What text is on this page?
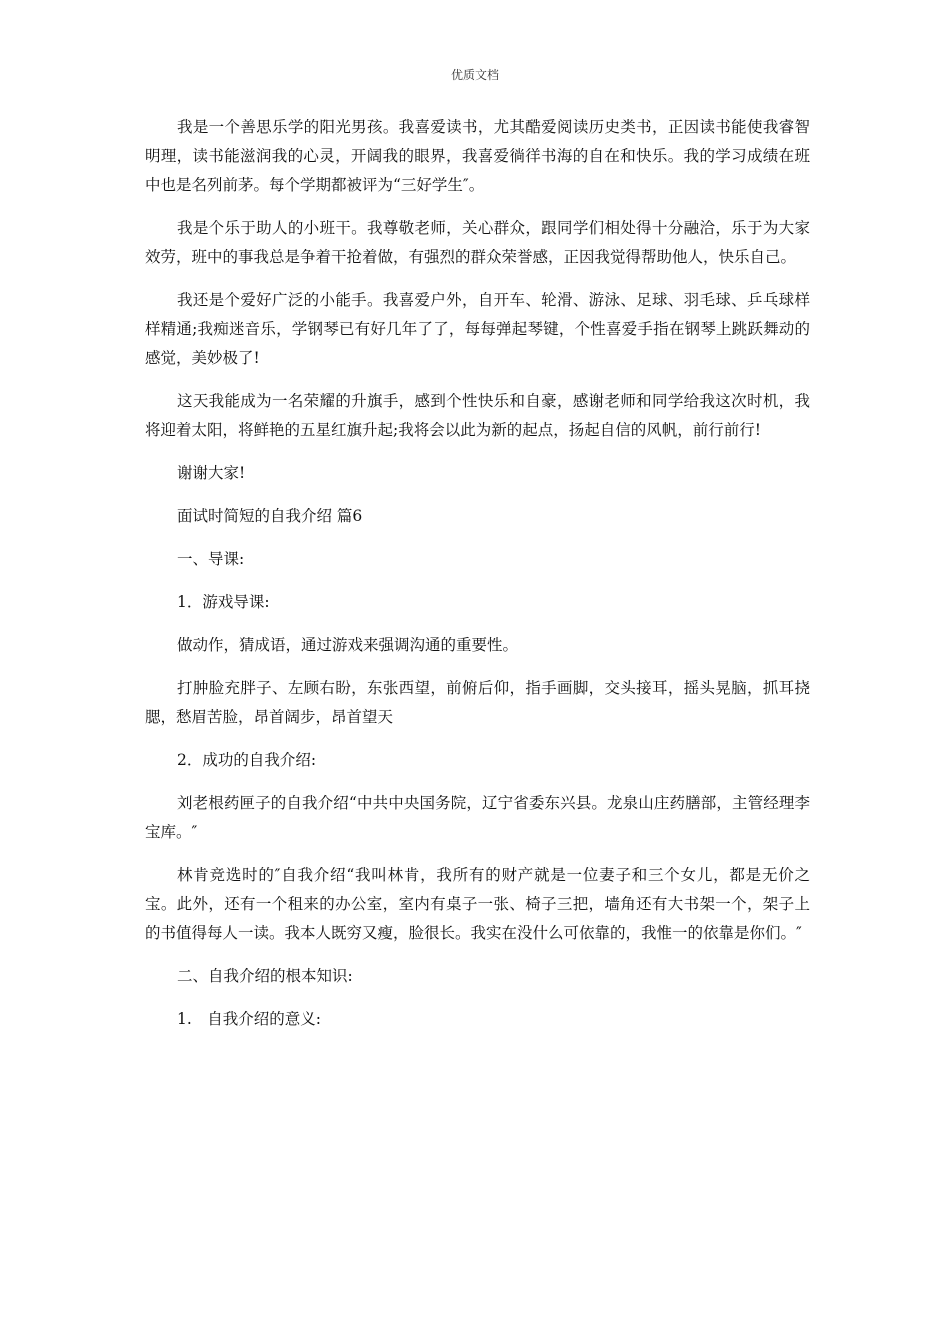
优质文档

我是一个善思乐学的阳光男孩。我喜爱读书，尤其酷爱阅读历史类书，正因读书能使我睿智明理，读书能滋润我的心灵，开阔我的眼界，我喜爱徜徉书海的自在和快乐。我的学习成绩在班中也是名列前茅。每个学期都被评为“三好学生″。

我是个乐于助人的小班干。我尊敬老师，关心群众，跟同学们相处得十分融洽，乐于为大家效劳，班中的事我总是争着干抢着做，有强烈的群众荣誉感，正因我觉得帮助他人，快乐自己。

我还是个爱好广泛的小能手。我喜爱户外，自开车、轮滑、游泳、足球、羽毛球、乒乓球样样精通;我痴迷音乐，学钢琴已有好几年了了，每每弹起琴键，个性喜爱手指在钢琴上跳跃舞动的感觉，美妙极了!

这天我能成为一名荣耀的升旗手，感到个性快乐和自豪，感谢老师和同学给我这次时机，我将迎着太阳，将鲜艳的五星红旗升起;我将会以此为新的起点，扬起自信的风帆，前行前行!

谢谢大家!

面试时简短的自我介绍 篇6

一、导课:

1．游戏导课:

做动作，猜成语，通过游戏来强调沟通的重要性。

打肿脸充胖子、左顾右盼，东张西望，前俯后仰，指手画脚，交头接耳，摇头晃脑，抓耳挠腮，愁眉苦脸，昂首阔步，昂首望天

2．成功的自我介绍:

刘老根药匣子的自我介绍“中共中央国务院，辽宁省委东兴县。龙泉山庄药膳部，主管经理李宝库。″

林肯竞选时的″自我介绍“我叫林肯，我所有的财产就是一位妻子和三个女儿，都是无价之宝。此外，还有一个租来的办公室，室内有桌子一张、椅子三把，墙角还有大书架一个，架子上的书值得每人一读。我本人既穷又瘦，脸很长。我实在没什么可依靠的，我惟一的依靠是你们。″

二、自我介绍的根本知识:

1.　自我介绍的意义:
